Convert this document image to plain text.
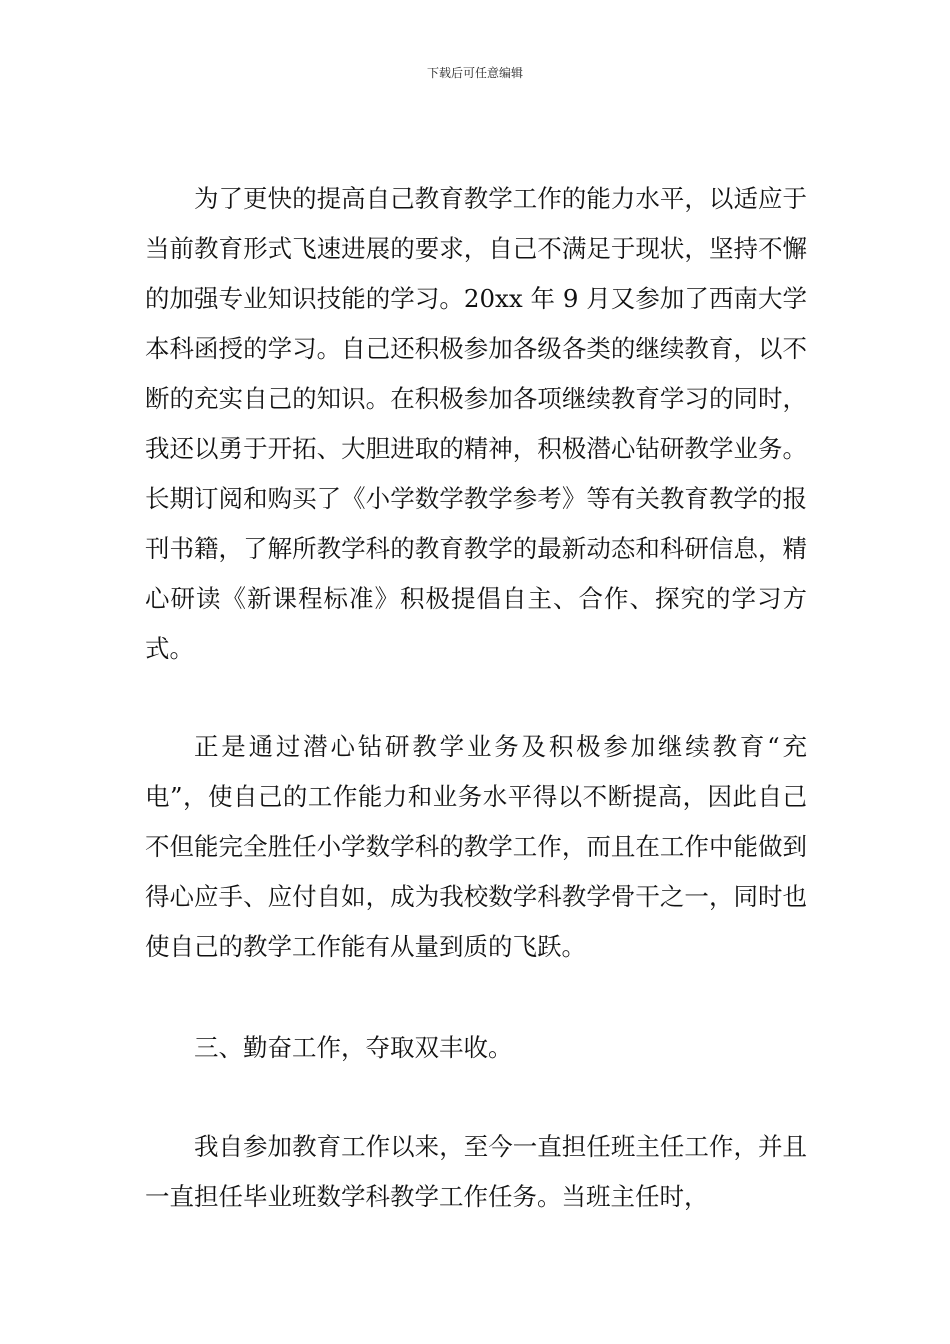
下载后可任意编辑

为了更快的提高自己教育教学工作的能力水平，以适应于当前教育形式飞速进展的要求，自己不满足于现状，坚持不懈的加强专业知识技能的学习。20xx 年 9 月又参加了西南大学本科函授的学习。自己还积极参加各级各类的继续教育，以不断的充实自己的知识。在积极参加各项继续教育学习的同时，我还以勇于开拓、大胆进取的精神，积极潜心钻研教学业务。长期订阅和购买了《小学数学教学参考》等有关教育教学的报刊书籍，了解所教学科的教育教学的最新动态和科研信息，精心研读《新课程标准》积极提倡自主、合作、探究的学习方式。

正是通过潜心钻研教学业务及积极参加继续教育“充电”，使自己的工作能力和业务水平得以不断提高，因此自己不但能完全胜任小学数学科的教学工作，而且在工作中能做到得心应手、应付自如，成为我校数学科教学骨干之一，同时也使自己的教学工作能有从量到质的飞跃。

三、勤奋工作，夺取双丰收。

我自参加教育工作以来，至今一直担任班主任工作，并且一直担任毕业班数学科教学工作任务。当班主任时，
